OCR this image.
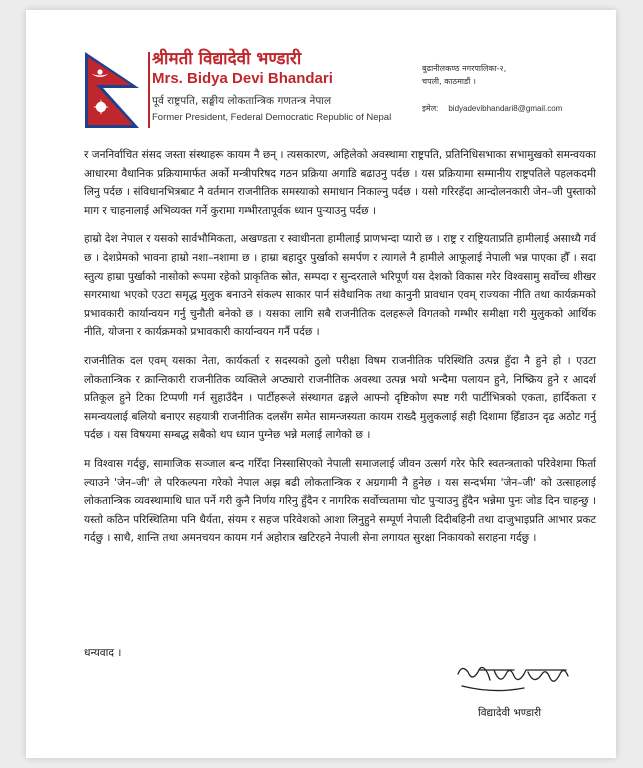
श्रीमती विद्यादेवी भण्डारी
Mrs. Bidya Devi Bhandari
पूर्व राष्ट्रपति, सङ्घीय लोकतान्त्रिक गणतन्त्र नेपाल
Former President, Federal Democratic Republic of Nepal
बुढानीलकण्ठ नगरपालिका-२,
चपली, काठमाडौं ।
इमेल: bidyadevibhandari8@gmail.com

र जननिर्वाचित संसद जस्ता संस्थाहरू कायम नै छन् । त्यसकारण, अहिलेको अवस्थामा राष्ट्रपति, प्रतिनिधिसभाका सभामुखको समन्वयका आधारमा वैधानिक प्रक्रियामार्फत अर्को मन्त्रीपरिषद गठन प्रक्रिया अगाडि बढाउनु पर्दछ । यस प्रक्रियामा सम्मानीय राष्ट्रपतिले पहलकदमी लिनु पर्दछ । संविधानभित्रबाट नै वर्तमान राजनीतिक समस्याको समाधान निकाल्नु पर्दछ । यसो गरिरहँदा आन्दोलनकारी जेन–जी पुस्ताको माग र चाहनालाई अभिव्यक्त गर्ने कुरामा गम्भीरतापूर्वक ध्यान पुऱ्याउनु पर्दछ ।

हाम्रो देश नेपाल र यसको सार्वभौमिकता, अखण्डता र स्वाधीनता हामीलाई प्राणभन्दा प्यारो छ । राष्ट्र र राष्ट्रियताप्रति हामीलाई असाध्यै गर्व छ । देशप्रेमको भावना हाम्रो नशा–नशामा छ । हाम्रा बहादुर पुर्खाको समर्पण र त्यागले नै हामीले आफूलाई नेपाली भन्न पाएका हौँ । सदा स्तुत्य हाम्रा पुर्खाको नासोको रूपमा रहेको प्राकृतिक स्रोत, सम्पदा र सुन्दरताले भरिपूर्ण यस देशको विकास गरेर विश्वसामु सर्वोच्च शीखर सगरमाथा भएको एउटा समृद्ध मुलुक बनाउने संकल्प साकार पार्न संवैधानिक तथा कानुनी प्रावधान एवम् राज्यका नीति तथा कार्यक्रमको प्रभावकारी कार्यान्वयन गर्नु चुनौती बनेको छ । यसका लागि सबै राजनीतिक दलहरूले विगतको गम्भीर समीक्षा गरी मुलुकको आर्थिक नीति, योजना र कार्यक्रमको प्रभावकारी कार्यान्वयन गर्नै पर्दछ ।

राजनीतिक दल एवम् यसका नेता, कार्यकर्ता र सदस्यको ठुलो परीक्षा विषम राजनीतिक परिस्थिति उत्पन्न हुँदा नै हुने हो । एउटा लोकतान्त्रिक र क्रान्तिकारी राजनीतिक व्यक्तिले अप्ठ्यारो राजनीतिक अवस्था उत्पन्न भयो भन्दैमा पलायन हुने, निष्क्रिय हुने र आदर्श प्रतिकूल हुने टिका टिप्पणी गर्न सुहाउँदैन । पार्टीहरूले संस्थागत ढङ्गले आफ्नो दृष्टिकोण स्पष्ट गरी पार्टीभित्रको एकता, हार्दिकता र समन्वयलाई बलियो बनाएर सहयात्री राजनीतिक दलसँग समेत सामन्जस्यता कायम राख्दै मुलुकलाई सही दिशामा हिँडाउन दृढ अठोट गर्नु पर्दछ । यस विषयमा सम्बद्ध सबैको थप ध्यान पुग्नेछ भन्ने मलाई लागेको छ ।

म विश्वास गर्दछु, सामाजिक सञ्जाल बन्द गरिँदा निस्सासिएको नेपाली समाजलाई जीवन उत्सर्ग गरेर फेरि स्वतन्त्रताको परिवेशमा फिर्ता ल्याउने 'जेन–जी' ले परिकल्पना गरेको नेपाल अझ बढी लोकतान्त्रिक र अग्रगामी नै हुनेछ । यस सन्दर्भमा 'जेन–जी' को उत्साहलाई लोकतान्त्रिक व्यवस्थामाथि घात पर्ने गरी कुनै निर्णय गरिनु हुँदैन र नागरिक सर्वोच्चतामा चोट पुऱ्याउनु हुँदैन भन्नेमा पुनः जोड दिन चाहन्छु । यस्तो कठिन परिस्थितिमा पनि धैर्यता, संयम र सहज परिवेशको आशा लिनुहुने सम्पूर्ण नेपाली दिदीबहिनी तथा दाजुभाइप्रति आभार प्रकट गर्दछु । साथै, शान्ति तथा अमनचयन कायम गर्न अहोरात्र खटिरहने नेपाली सेना लगायत सुरक्षा निकायको सराहना गर्दछु ।

धन्यवाद ।
विद्यादेवी भण्डारी
